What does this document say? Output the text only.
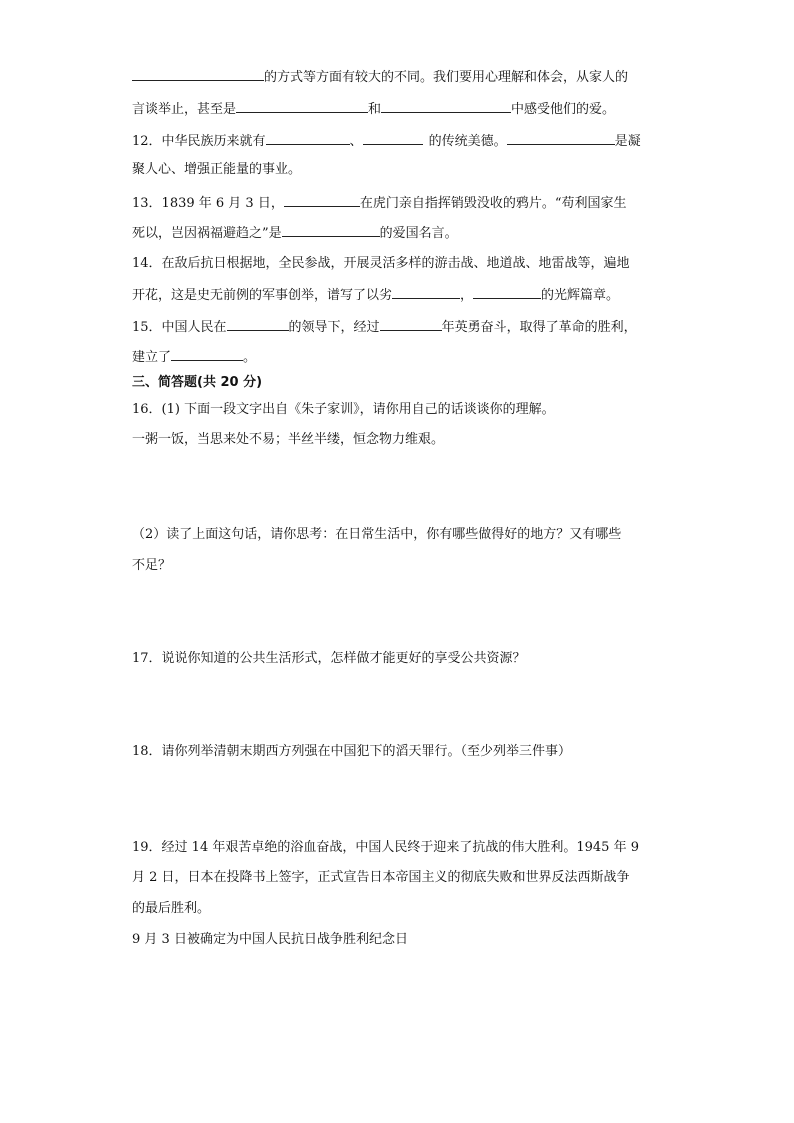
的方式等方面有较大的不同。我们要用心理解和体会，从家人的
言谈举止，甚至是	和	中感受他们的爱。
12．中华民族历来就有	、	的传统美德。	是凝
聚人心、增强正能量的事业。
13．1839 年 6 月 3 日，	在虎门亲自指挥销毁没收的鸦片。“苟利国家生
死以，岂因祸福避趋之”是	的爱国名言。
14．在敌后抗日根据地，全民参战，开展灵活多样的游击战、地道战、地雷战等，遍地
开花，这是史无前例的军事创举，谱写了以劣	，	的光辉篇章。
15．中国人民在	的领导下，经过	年英勇奋斗，取得了革命的胜利，
建立了	。
三、简答题(共 20 分)
16．(1) 下面一段文字出自《朱子家训》，请你用自己的话谈谈你的理解。
一粥一饭，当思来处不易；半丝半缕，恒念物力维艰。
（2）读了上面这句话，请你思考：在日常生活中，你有哪些做得好的地方？又有哪些
不足？
17．说说你知道的公共生活形式，怎样做才能更好的享受公共资源？
18．请你列举清朝末期西方列强在中国犯下的滔天罪行。（至少列举三件事）
19．经过 14 年艰苦卓绝的浴血奋战，中国人民终于迎来了抗战的伟大胜利。1945 年 9
月 2 日，日本在投降书上签字，正式宣告日本帝国主义的彻底失败和世界反法西斯战争
的最后胜利。
9 月 3 日被确定为中国人民抗日战争胜利纪念日
